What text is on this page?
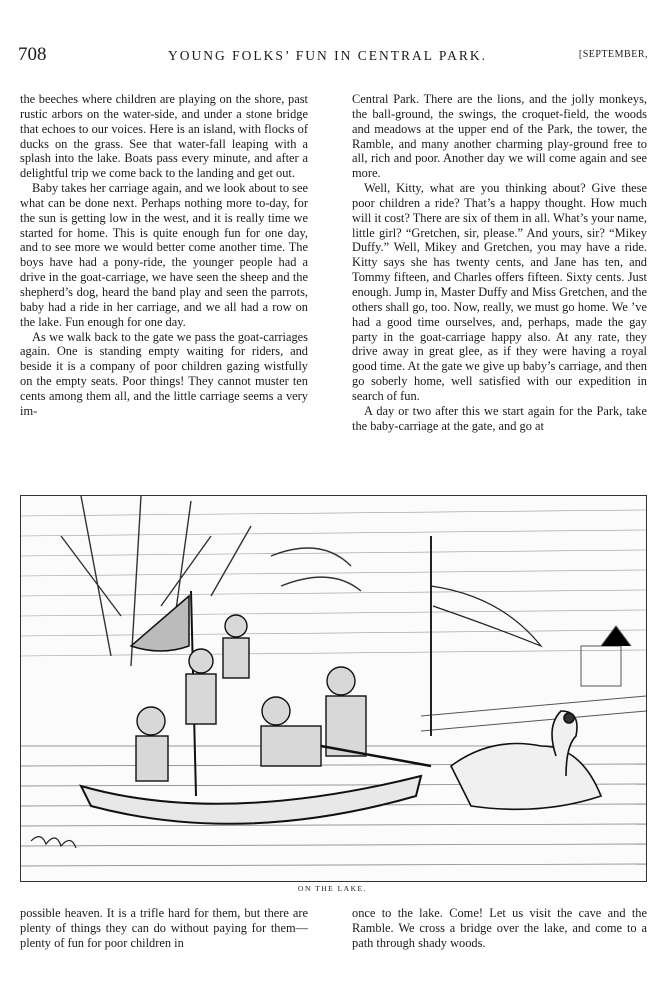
708	YOUNG FOLKS’ FUN IN CENTRAL PARK.	[SEPTEMBER,

the beeches where children are playing on the shore, past rustic arbors on the water-side, and under a stone bridge that echoes to our voices. Here is an island, with flocks of ducks on the grass. See that water-fall leaping with a splash into the lake. Boats pass every minute, and after a delightful trip we come back to the landing and get out.

Baby takes her carriage again, and we look about to see what can be done next. Perhaps nothing more to-day, for the sun is getting low in the west, and it is really time we started for home. This is quite enough fun for one day, and to see more we would better come another time. The boys have had a pony-ride, the younger people had a drive in the goat-carriage, we have seen the sheep and the shepherd’s dog, heard the band play and seen the parrots, baby had a ride in her carriage, and we all had a row on the lake. Fun enough for one day.

As we walk back to the gate we pass the goat-carriages again. One is standing empty waiting for riders, and beside it is a company of poor children gazing wistfully on the empty seats. Poor things! They cannot muster ten cents among them all, and the little carriage seems a very im-

Central Park. There are the lions, and the jolly monkeys, the ball-ground, the swings, the croquet-field, the woods and meadows at the upper end of the Park, the tower, the Ramble, and many another charming play-ground free to all, rich and poor. Another day we will come again and see more.

Well, Kitty, what are you thinking about? Give these poor children a ride? That’s a happy thought. How much will it cost? There are six of them in all. What’s your name, little girl? “Gretchen, sir, please.” And yours, sir? “Mikey Duffy.” Well, Mikey and Gretchen, you may have a ride. Kitty says she has twenty cents, and Jane has ten, and Tommy fifteen, and Charles offers fifteen. Sixty cents. Just enough. Jump in, Master Duffy and Miss Gretchen, and the others shall go, too. Now, really, we must go home. We ’ve had a good time ourselves, and, perhaps, made the gay party in the goat-carriage happy also. At any rate, they drive away in great glee, as if they were having a royal good time. At the gate we give up baby’s carriage, and then go soberly home, well satisfied with our expedition in search of fun.

A day or two after this we start again for the Park, take the baby-carriage at the gate, and go at

ON THE LAKE.

possible heaven. It is a trifle hard for them, but there are plenty of things they can do without paying for them—plenty of fun for poor children in

once to the lake. Come! Let us visit the cave and the Ramble. We cross a bridge over the lake, and come to a path through shady woods.
